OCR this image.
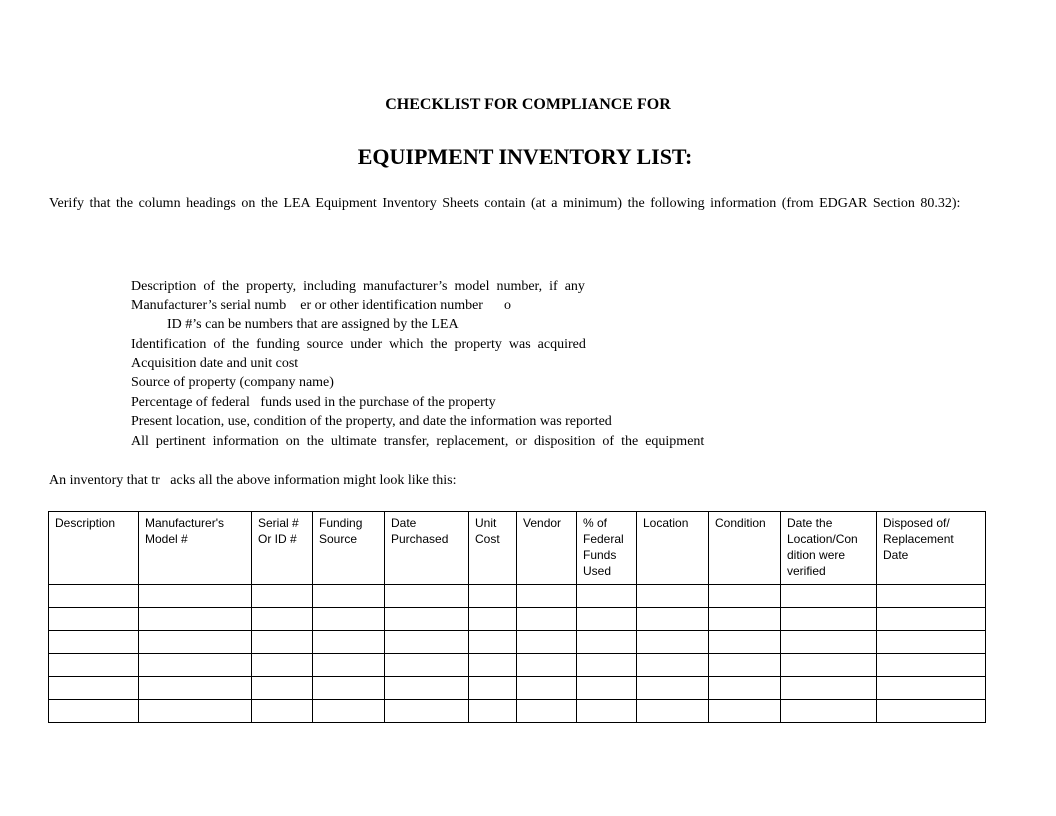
CHECKLIST FOR COMPLIANCE FOR
EQUIPMENT INVENTORY LIST:
Verify that the column headings on the LEA Equipment Inventory Sheets contain (at a minimum) the following information (from EDGAR Section 80.32):
Description  of  the  property,  including  manufacturer’s  model  number,  if  any
Manufacturer’s serial numb    er or other identification number      o
ID #’s can be numbers that are assigned by the LEA
Identification  of  the  funding  source  under  which  the  property  was  acquired
Acquisition date and unit cost
Source of property (company name)
Percentage of federal   funds used in the purchase of the property
Present location, use, condition of the property, and date the information was reported
All  pertinent  information  on  the  ultimate  transfer,  replacement,  or  disposition  of  the  equipment
An inventory that tr   acks all the above information might look like this:
Description	Manufacturer's Model #	Serial # Or ID #	Funding Source	Date Purchased	Unit Cost	Vendor	% of Federal Funds Used	Location	Condition	Date the Location/Con dition were verified	Disposed of/ Replacement Date
